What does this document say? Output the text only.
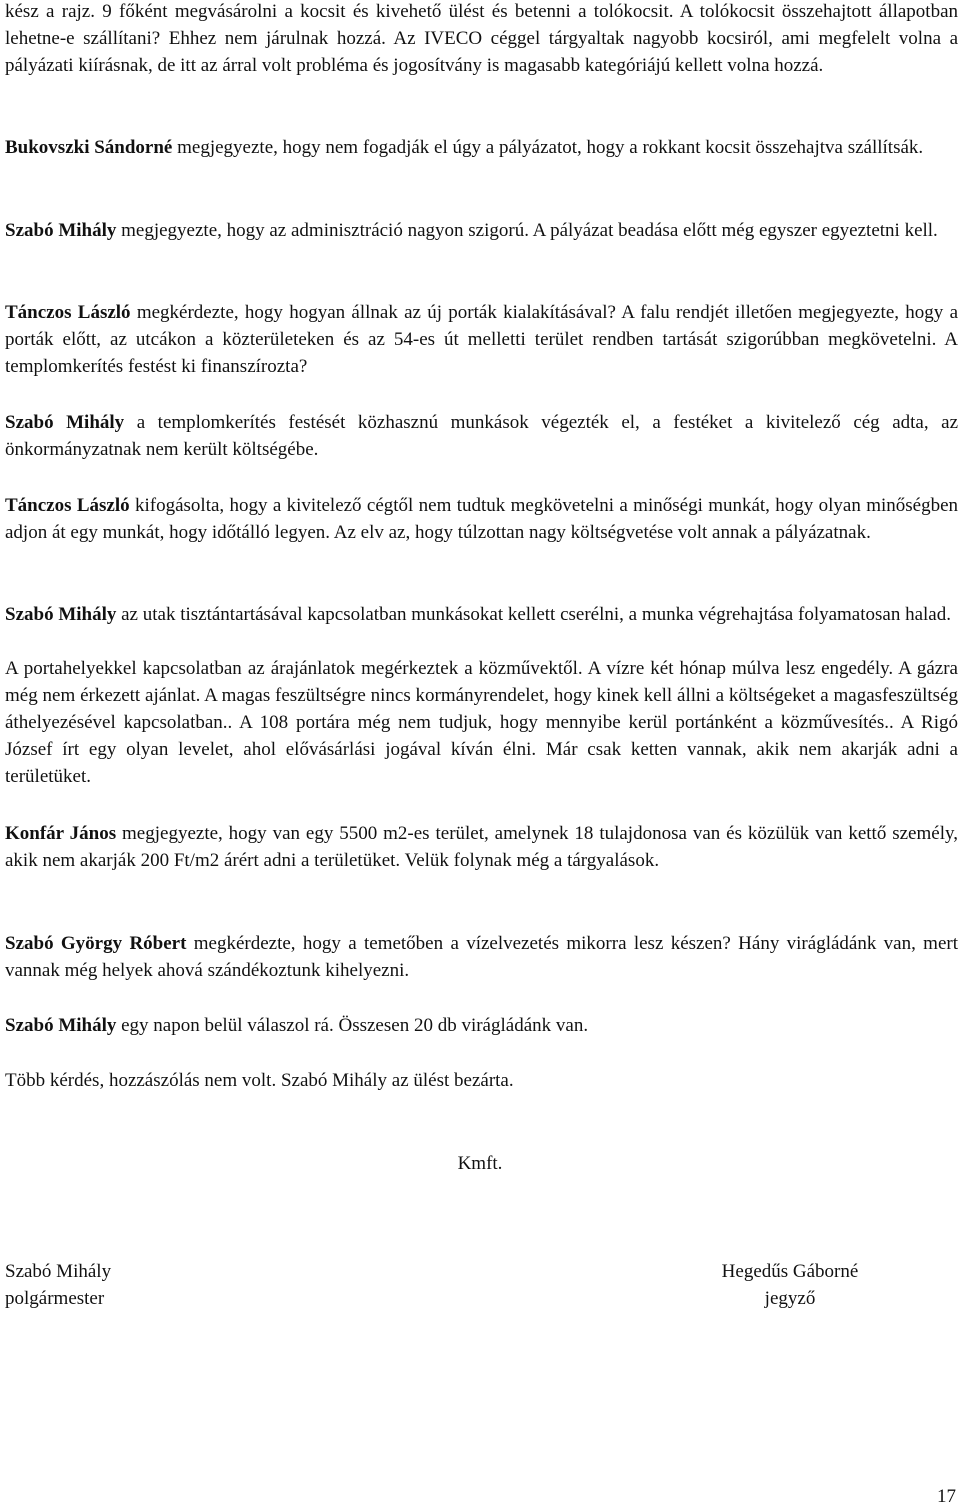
kész a rajz. 9 főként megvásárolni a kocsit és kivehető ülést és betenni a tolókocsit. A tolókocsit összehajtott állapotban lehetne-e szállítani? Ehhez nem járulnak hozzá. Az IVECO céggel tárgyaltak nagyobb kocsiról, ami megfelelt volna a pályázati kiírásnak, de itt az árral volt probléma és jogosítvány is magasabb kategóriájú kellett volna hozzá.

Bukovszki Sándorné megjegyezte, hogy nem fogadják el úgy a pályázatot, hogy a rokkant kocsit összehajtva szállítsák.

Szabó Mihály megjegyezte, hogy az adminisztráció nagyon szigorú. A pályázat beadása előtt még egyszer egyeztetni kell.

Tánczos László megkérdezte, hogy hogyan állnak az új porták kialakításával? A falu rendjét illetően megjegyezte, hogy a porták előtt, az utcákon a közterületeken és az 54-es út melletti terület rendben tartását szigorúbban megkövetelni. A templomkerítés festést ki finanszírozta?

Szabó Mihály a templomkerítés festését közhasznú munkások végezték el, a festéket a kivitelező cég adta, az önkormányzatnak nem került költségébe.

Tánczos László kifogásolta, hogy a kivitelező cégtől nem tudtuk megkövetelni a minőségi munkát, hogy olyan minőségben adjon át egy munkát, hogy időtálló legyen. Az elv az, hogy túlzottan nagy költségvetése volt annak a pályázatnak.

Szabó Mihály az utak tisztántartásával kapcsolatban munkásokat kellett cserélni, a munka végrehajtása folyamatosan halad.

A portahelyekkel kapcsolatban az árajánlatok megérkeztek a közművektől. A vízre két hónap múlva lesz engedély. A gázra még nem érkezett ajánlat. A magas feszültségre nincs kormányrendelet, hogy kinek kell állni a költségeket a magasfeszültség áthelyezésével kapcsolatban.. A 108 portára még nem tudjuk, hogy mennyibe kerül portánként a közművesítés.. A Rigó József írt egy olyan levelet, ahol elővásárlási jogával kíván élni. Már csak ketten vannak, akik nem akarják adni a területüket.

Konfár János megjegyezte, hogy van egy 5500 m2-es terület, amelynek 18 tulajdonosa van és közülük van kettő személy, akik nem akarják 200 Ft/m2 árért adni a területüket. Velük folynak még a tárgyalások.

Szabó György Róbert megkérdezte, hogy a temetőben a vízelvezetés mikorra lesz készen? Hány virágládánk van, mert vannak még helyek ahová szándékoztunk kihelyezni.

Szabó Mihály egy napon belül válaszol rá. Összesen 20 db virágládánk van.

Több kérdés, hozzászólás nem volt. Szabó Mihály az ülést bezárta.

Kmft.
Szabó Mihály
polgármester
Hegedűs Gáborné
jegyző
17
